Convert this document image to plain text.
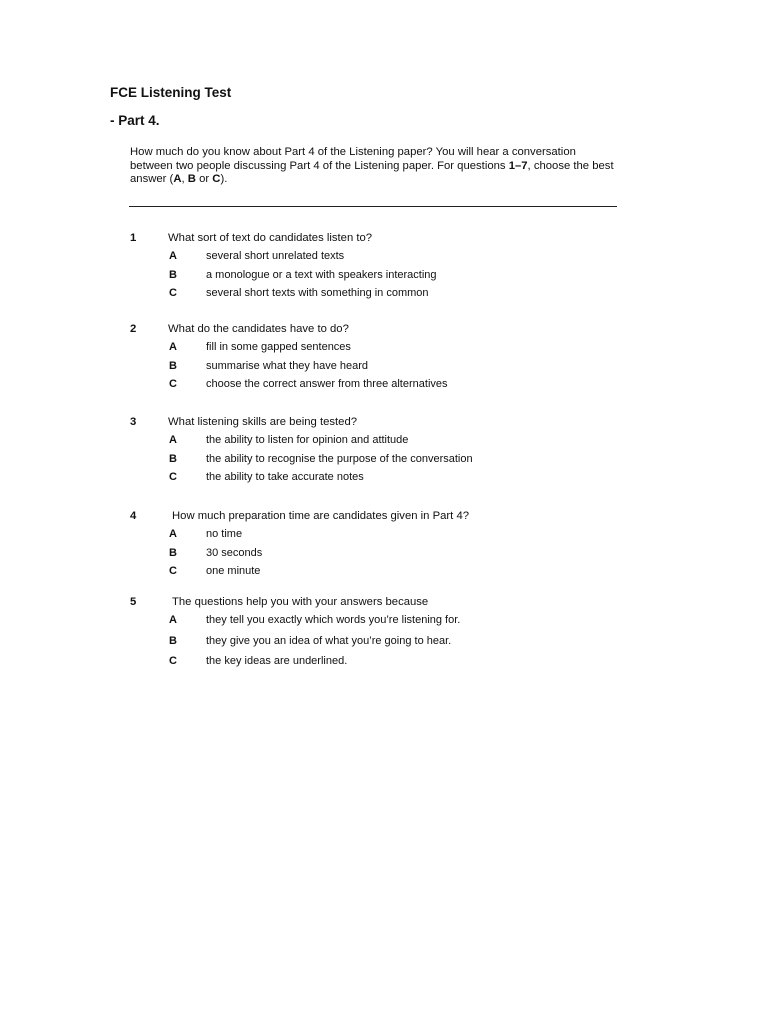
FCE Listening Test
- Part 4.

How much do you know about Part 4 of the Listening paper? You will hear a conversation between two people discussing Part 4 of the Listening paper. For questions 1–7, choose the best answer (A, B or C).

1	What sort of text do candidates listen to?
A	several short unrelated texts
B	a monologue or a text with speakers interacting
C	several short texts with something in common
2	What do the candidates have to do?
A	fill in some gapped sentences
B	summarise what they have heard
C	choose the correct answer from three alternatives
3	What listening skills are being tested?
A	the ability to listen for opinion and attitude
B	the ability to recognise the purpose of the conversation
C	the ability to take accurate notes
4	How much preparation time are candidates given in Part 4?
A	no time
B	30 seconds
C	one minute
5	The questions help you with your answers because
A	they tell you exactly which words you’re listening for.
B	they give you an idea of what you’re going to hear.
C	the key ideas are underlined.
